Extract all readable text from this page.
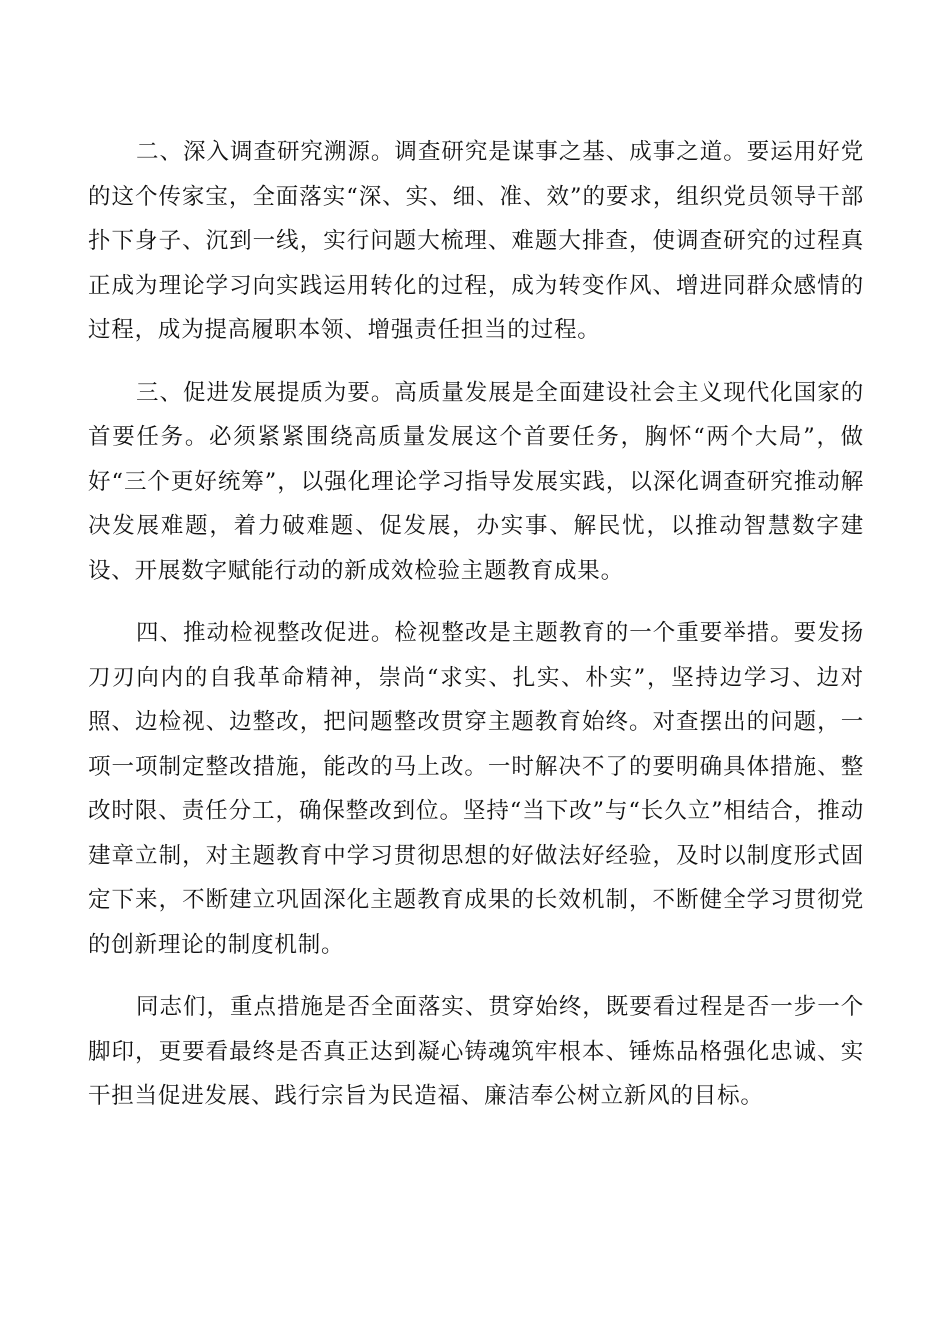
二、深入调查研究溯源。调查研究是谋事之基、成事之道。要运用好党的这个传家宝，全面落实“深、实、细、准、效”的要求，组织党员领导干部扑下身子、沉到一线，实行问题大梳理、难题大排查，使调查研究的过程真正成为理论学习向实践运用转化的过程，成为转变作风、增进同群众感情的过程，成为提高履职本领、增强责任担当的过程。

三、促进发展提质为要。高质量发展是全面建设社会主义现代化国家的首要任务。必须紧紧围绕高质量发展这个首要任务，胸怀“两个大局”，做好“三个更好统筹”，以强化理论学习指导发展实践，以深化调查研究推动解决发展难题，着力破难题、促发展，办实事、解民忧，以推动智慧数字建设、开展数字赋能行动的新成效检验主题教育成果。

四、推动检视整改促进。检视整改是主题教育的一个重要举措。要发扬刀刃向内的自我革命精神，崇尚“求实、扎实、朴实”，坚持边学习、边对照、边检视、边整改，把问题整改贯穿主题教育始终。对查摆出的问题，一项一项制定整改措施，能改的马上改。一时解决不了的要明确具体措施、整改时限、责任分工，确保整改到位。坚持“当下改”与“长久立”相结合，推动建章立制，对主题教育中学习贯彻思想的好做法好经验，及时以制度形式固定下来，不断建立巩固深化主题教育成果的长效机制，不断健全学习贯彻党的创新理论的制度机制。

同志们，重点措施是否全面落实、贯穿始终，既要看过程是否一步一个脚印，更要看最终是否真正达到凝心铸魂筑牢根本、锤炼品格强化忠诚、实干担当促进发展、践行宗旨为民造福、廉洁奉公树立新风的目标。
